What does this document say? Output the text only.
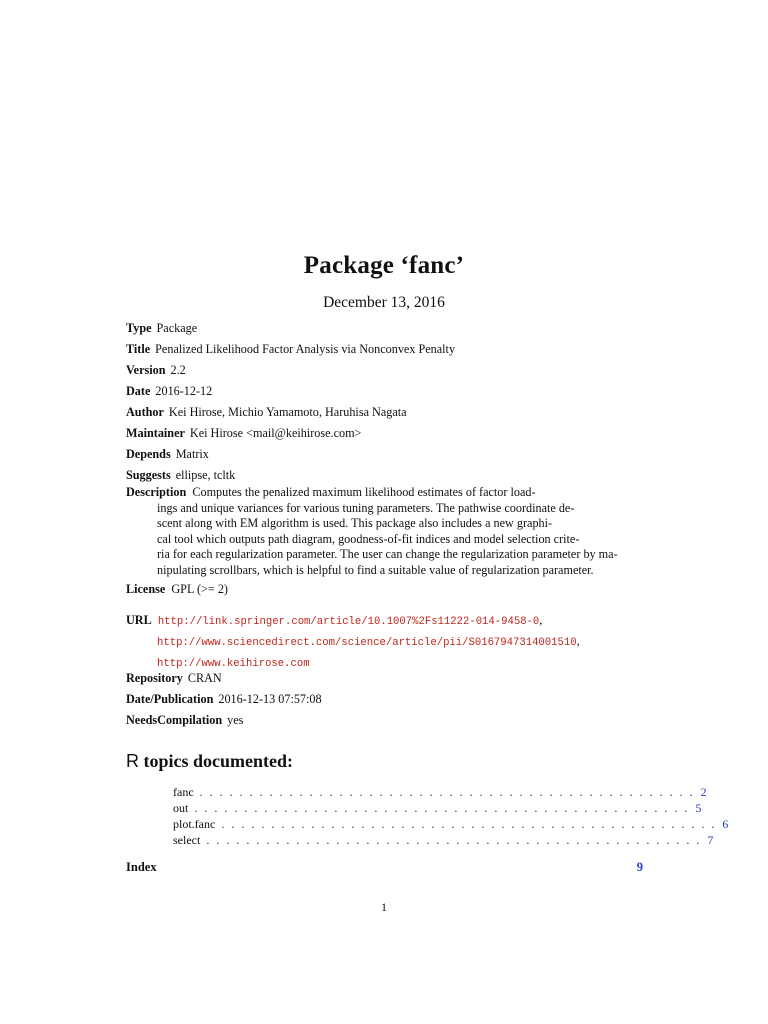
Package ‘fanc’
December 13, 2016
Type Package
Title Penalized Likelihood Factor Analysis via Nonconvex Penalty
Version 2.2
Date 2016-12-12
Author Kei Hirose, Michio Yamamoto, Haruhisa Nagata
Maintainer Kei Hirose <mail@keihirose.com>
Depends Matrix
Suggests ellipse, tcltk
Description Computes the penalized maximum likelihood estimates of factor load-
ings and unique variances for various tuning parameters. The pathwise coordinate de-
scent along with EM algorithm is used. This package also includes a new graphi-
cal tool which outputs path diagram, goodness-of-fit indices and model selection crite-
ria for each regularization parameter. The user can change the regularization parameter by ma-
nipulating scrollbars, which is helpful to find a suitable value of regularization parameter.
License GPL (>= 2)
URL http://link.springer.com/article/10.1007%2Fs11222-014-9458-0,
http://www.sciencedirect.com/science/article/pii/S0167947314001510,
http://www.keihirose.com
Repository CRAN
Date/Publication 2016-12-13 07:57:08
NeedsCompilation yes
R topics documented:
fanc . . . . . . . . . . . . . . . . . . . . . . . . . . . . . . . . . . . . . . . . . . . . . . . . . . 2
out . . . . . . . . . . . . . . . . . . . . . . . . . . . . . . . . . . . . . . . . . . . . . . . . . . 5
plot.fanc . . . . . . . . . . . . . . . . . . . . . . . . . . . . . . . . . . . . . . . . . . . . . . . . . . 6
select . . . . . . . . . . . . . . . . . . . . . . . . . . . . . . . . . . . . . . . . . . . . . . . . . . 7
Index	9
1
